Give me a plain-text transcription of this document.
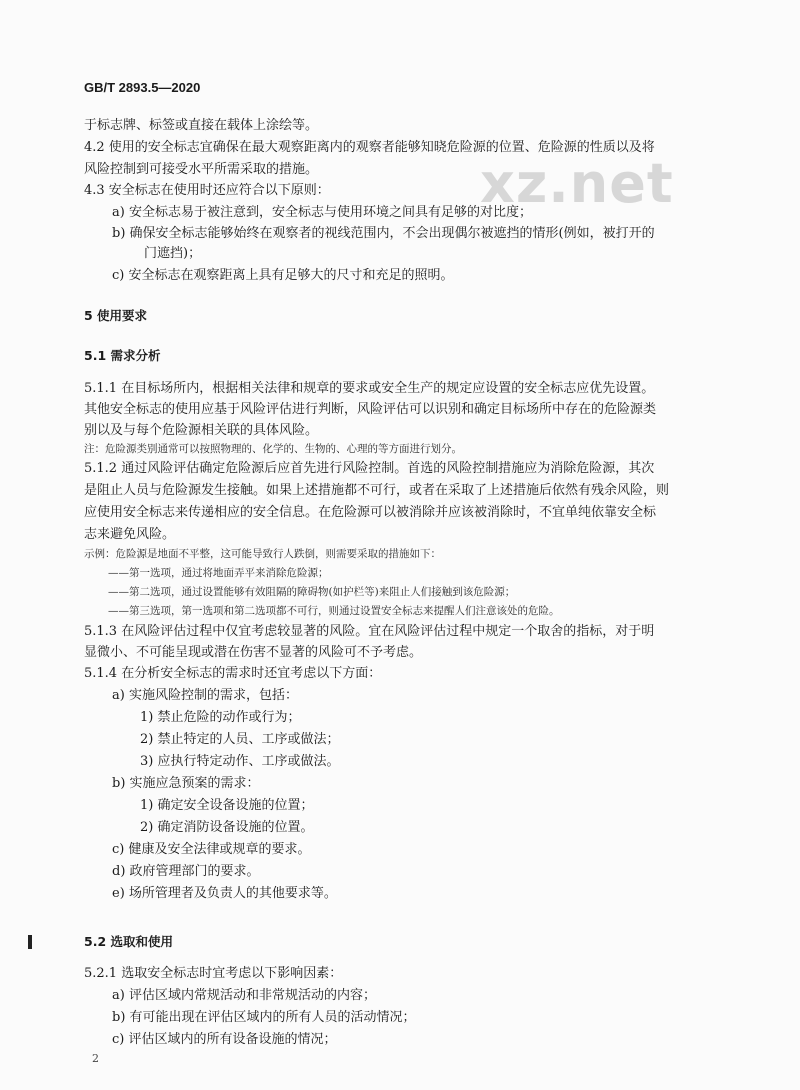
GB/T 2893.5—2020
xz.net
于标志牌、标签或直接在载体上涂绘等。
4.2 使用的安全标志宜确保在最大观察距离内的观察者能够知晓危险源的位置、危险源的性质以及将
风险控制到可接受水平所需采取的措施。
4.3 安全标志在使用时还应符合以下原则：
a) 安全标志易于被注意到，安全标志与使用环境之间具有足够的对比度；
b) 确保安全标志能够始终在观察者的视线范围内，不会出现偶尔被遮挡的情形(例如，被打开的
门遮挡)；
c) 安全标志在观察距离上具有足够大的尺寸和充足的照明。
5 使用要求
5.1 需求分析
5.1.1 在目标场所内，根据相关法律和规章的要求或安全生产的规定应设置的安全标志应优先设置。
其他安全标志的使用应基于风险评估进行判断，风险评估可以识别和确定目标场所中存在的危险源类
别以及与每个危险源相关联的具体风险。
注：危险源类别通常可以按照物理的、化学的、生物的、心理的等方面进行划分。
5.1.2 通过风险评估确定危险源后应首先进行风险控制。首选的风险控制措施应为消除危险源，其次
是阻止人员与危险源发生接触。如果上述措施都不可行，或者在采取了上述措施后依然有残余风险，则
应使用安全标志来传递相应的安全信息。在危险源可以被消除并应该被消除时，不宜单纯依靠安全标
志来避免风险。
示例：危险源是地面不平整，这可能导致行人跌倒，则需要采取的措施如下：
——第一选项，通过将地面弄平来消除危险源；
——第二选项，通过设置能够有效阻隔的障碍物(如护栏等)来阻止人们接触到该危险源；
——第三选项，第一选项和第二选项都不可行，则通过设置安全标志来提醒人们注意该处的危险。
5.1.3 在风险评估过程中仅宜考虑较显著的风险。宜在风险评估过程中规定一个取舍的指标，对于明
显微小、不可能呈现或潜在伤害不显著的风险可不予考虑。
5.1.4 在分析安全标志的需求时还宜考虑以下方面：
a) 实施风险控制的需求，包括：
1) 禁止危险的动作或行为；
2) 禁止特定的人员、工序或做法；
3) 应执行特定动作、工序或做法。
b) 实施应急预案的需求：
1) 确定安全设备设施的位置；
2) 确定消防设备设施的位置。
c) 健康及安全法律或规章的要求。
d) 政府管理部门的要求。
e) 场所管理者及负责人的其他要求等。
5.2 选取和使用
5.2.1 选取安全标志时宜考虑以下影响因素：
a) 评估区域内常规活动和非常规活动的内容；
b) 有可能出现在评估区域内的所有人员的活动情况；
c) 评估区域内的所有设备设施的情况；
2
